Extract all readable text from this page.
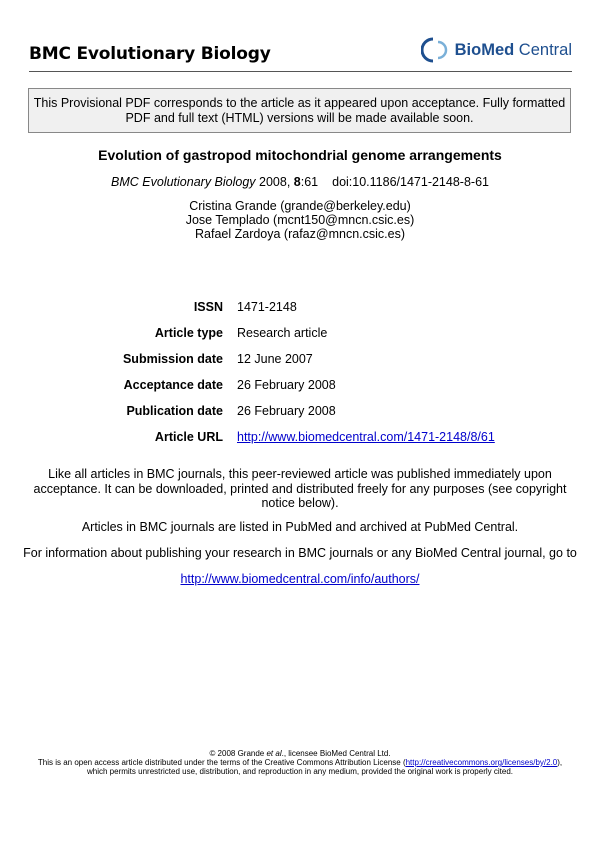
BMC Evolutionary Biology	BioMed Central
This Provisional PDF corresponds to the article as it appeared upon acceptance. Fully formatted
PDF and full text (HTML) versions will be made available soon.
Evolution of gastropod mitochondrial genome arrangements
BMC Evolutionary Biology 2008, 8:61 doi:10.1186/1471-2148-8-61
Cristina Grande (grande@berkeley.edu)
Jose Templado (mcnt150@mncn.csic.es)
Rafael Zardoya (rafaz@mncn.csic.es)
ISSN 1471-2148
Article type Research article
Submission date 12 June 2007
Acceptance date 26 February 2008
Publication date 26 February 2008
Article URL http://www.biomedcentral.com/1471-2148/8/61
Like all articles in BMC journals, this peer-reviewed article was published immediately upon
acceptance. It can be downloaded, printed and distributed freely for any purposes (see copyright
notice below).
Articles in BMC journals are listed in PubMed and archived at PubMed Central.
For information about publishing your research in BMC journals or any BioMed Central journal, go to
http://www.biomedcentral.com/info/authors/
© 2008 Grande et al., licensee BioMed Central Ltd.
This is an open access article distributed under the terms of the Creative Commons Attribution License (http://creativecommons.org/licenses/by/2.0),
which permits unrestricted use, distribution, and reproduction in any medium, provided the original work is properly cited.
